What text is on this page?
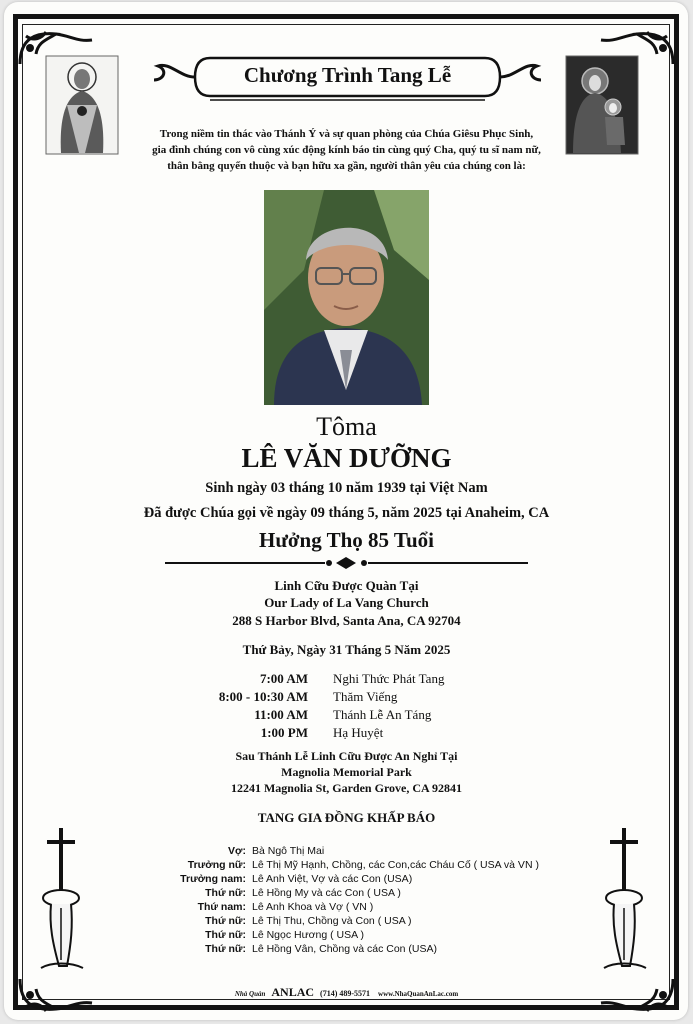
Chương Trình Tang Lễ
Trong niềm tin thác vào Thánh Ý và sự quan phòng của Chúa Giêsu Phục Sinh,
gia đình chúng con vô cùng xúc động kính báo tin cùng quý Cha, quý tu sĩ nam nữ,
thân bằng quyến thuộc và bạn hữu xa gần, người thân yêu của chúng con là:
Tôma
LÊ VĂN DƯỠNG
Sinh ngày 03 tháng 10 năm 1939 tại Việt Nam
Đã được Chúa gọi về ngày 09 tháng 5, năm 2025 tại Anaheim, CA
Hưởng Thọ 85 Tuổi
Linh Cữu Được Quàn Tại
Our Lady of La Vang Church
288 S Harbor Blvd, Santa Ana, CA 92704
Thứ Bảy, Ngày 31 Tháng 5 Năm 2025
7:00 AM Nghi Thức Phát Tang
8:00 - 10:30 AM Thăm Viếng
11:00 AM Thánh Lễ An Táng
1:00 PM Hạ Huyệt
Sau Thánh Lễ Linh Cữu Được An Nghỉ Tại
Magnolia Memorial Park
12241 Magnolia St, Garden Grove, CA 92841
TANG GIA ĐỒNG KHẤP BÁO
Vợ: Bà Ngô Thị Mai
Trưởng nữ: Lê Thị Mỹ Hạnh, Chồng, các Con,các Cháu Cố ( USA và VN )
Trưởng nam: Lê Anh Việt, Vợ và các Con (USA)
Thứ nữ: Lê Hồng My và các Con ( USA )
Thứ nam: Lê Anh Khoa và Vợ ( VN )
Thứ nữ: Lê Thị Thu, Chồng và Con ( USA )
Thứ nữ: Lê Ngọc Hương ( USA )
Thứ nữ: Lê Hồng Vân, Chồng và các Con (USA)
Nhà Quàn ANLAC (714) 489-5571 www.NhaQuanAnLac.com
